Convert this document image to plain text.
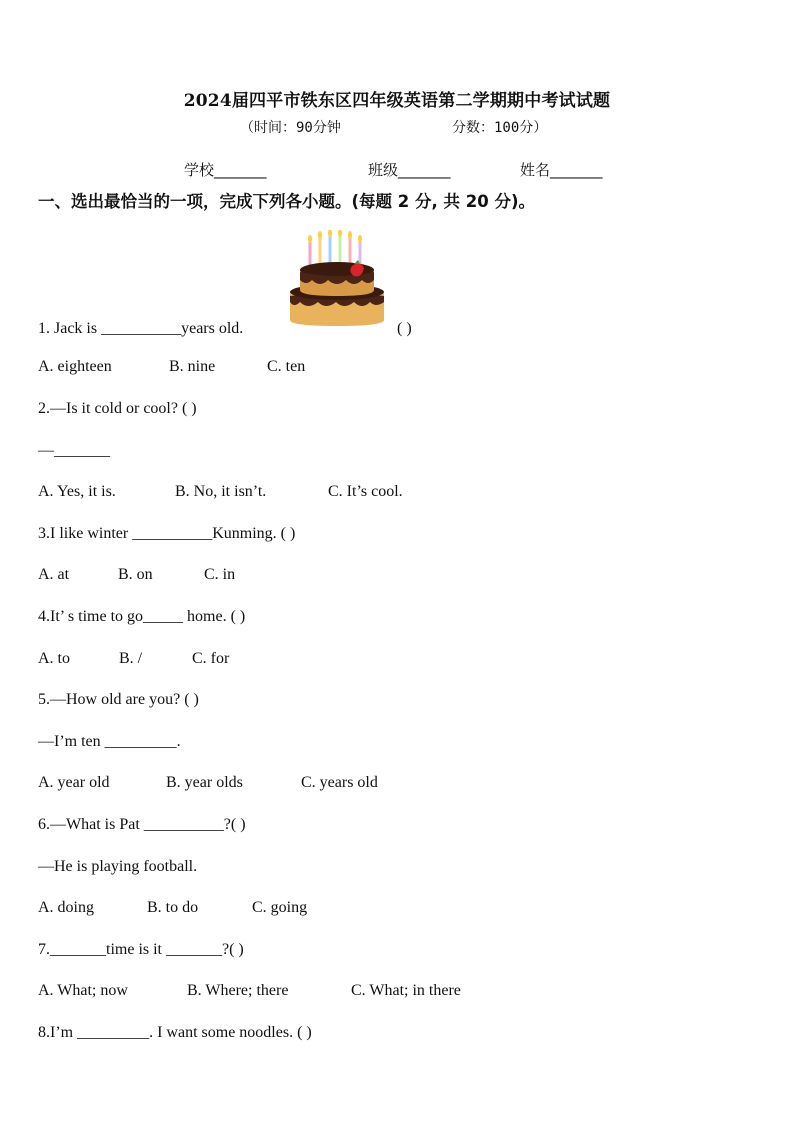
2024届四平市铁东区四年级英语第二学期期中考试试题
（时间：90分钟	分数：100分）
学校_______	班级_______	姓名_______
一、选出最恰当的一项，完成下列各小题。(每题 2 分, 共 20 分)。
1. Jack is __________years old.	( )
A. eighteen	B. nine	C. ten
2.—Is it cold or cool? ( )
—_______
A. Yes, it is.	B. No, it isn’t.	C. It’s cool.
3.I like winter __________Kunming. ( )
A. at	B. on	C. in
4.It’ s time to go_____ home. ( )
A. to	B. /	C. for
5.—How old are you? ( )
—I’m ten _________.
A. year old	B. year olds	C. years old
6.—What is Pat __________?( )
—He is playing football.
A. doing	B. to do	C. going
7._______time is it _______?( )
A. What; now	B. Where; there	C. What; in there
8.I’m _________. I want some noodles. ( )
